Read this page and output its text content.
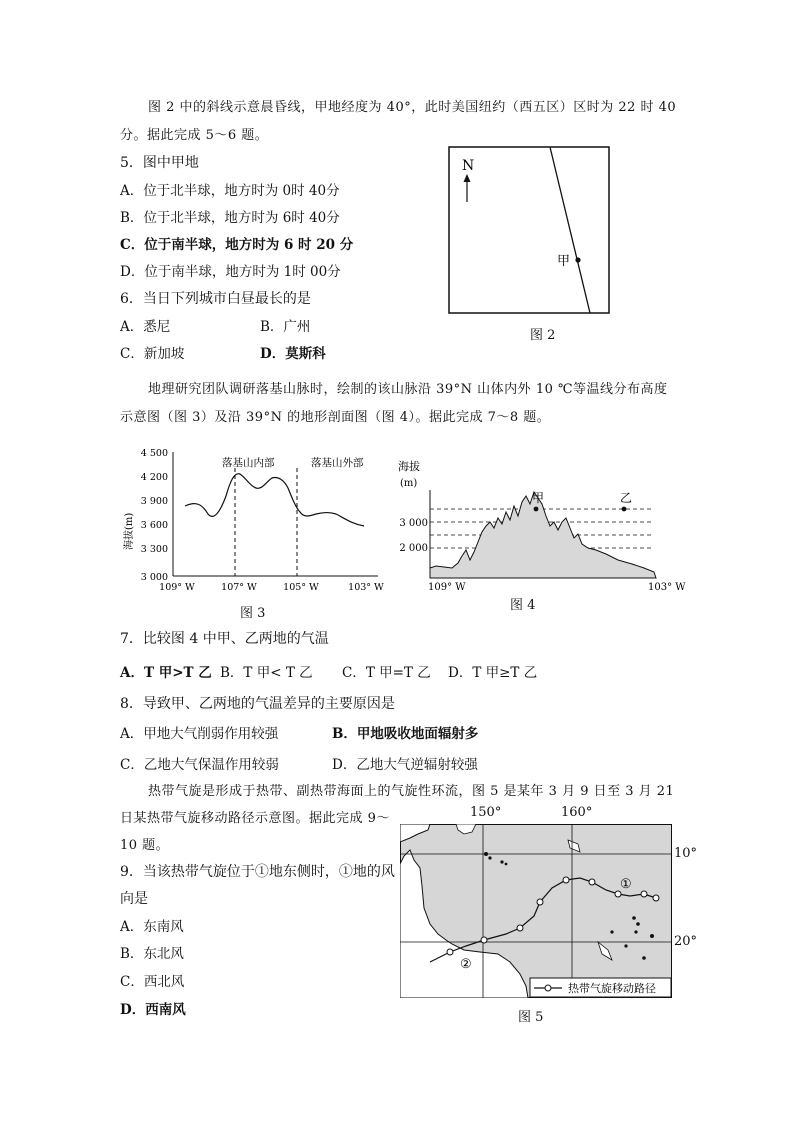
图 2 中的斜线示意晨昏线，甲地经度为 40°，此时美国纽约（西五区）区时为 22 时 40
分。据此完成 5～6 题。
5．图中甲地
A．位于北半球，地方时为 0时 40分
B．位于北半球，地方时为 6时 40分
C．位于南半球，地方时为 6 时 20 分
D．位于南半球，地方时为 1时 00分
6．当日下列城市白昼最长的是
A．悉尼	B．广州
C．新加坡	D．莫斯科
N
甲
图 2
地理研究团队调研落基山脉时，绘制的该山脉沿 39°N 山体内外 10 ℃等温线分布高度
示意图（图 3）及沿 39°N 的地形剖面图（图 4）。据此完成 7～8 题。
4 500
4 200
3 900
3 600
3 300
3 000
海拔(m)
落基山内部	落基山外部
109° W	107° W	105° W	103° W
图 3
海拔
(m)
3 000
2 000
甲	乙
109° W	103° W
图 4
7．比较图 4 中甲、乙两地的气温
A．T 甲>T 乙 B．T 甲< T 乙 C．T 甲=T 乙 D．T 甲≥T 乙
8．导致甲、乙两地的气温差异的主要原因是
A．甲地大气削弱作用较强	B．甲地吸收地面辐射多
C．乙地大气保温作用较弱	D．乙地大气逆辐射较强
热带气旋是形成于热带、副热带海面上的气旋性环流，图 5 是某年 3 月 9 日至 3 月 21
日某热带气旋移动路径示意图。据此完成 9～
10 题。
9．当该热带气旋位于①地东侧时，①地的风
向是
A．东南风
B．东北风
C．西北风
D．西南风
150°	160°
10°
20°
①
②
热带气旋移动路径
图 5
